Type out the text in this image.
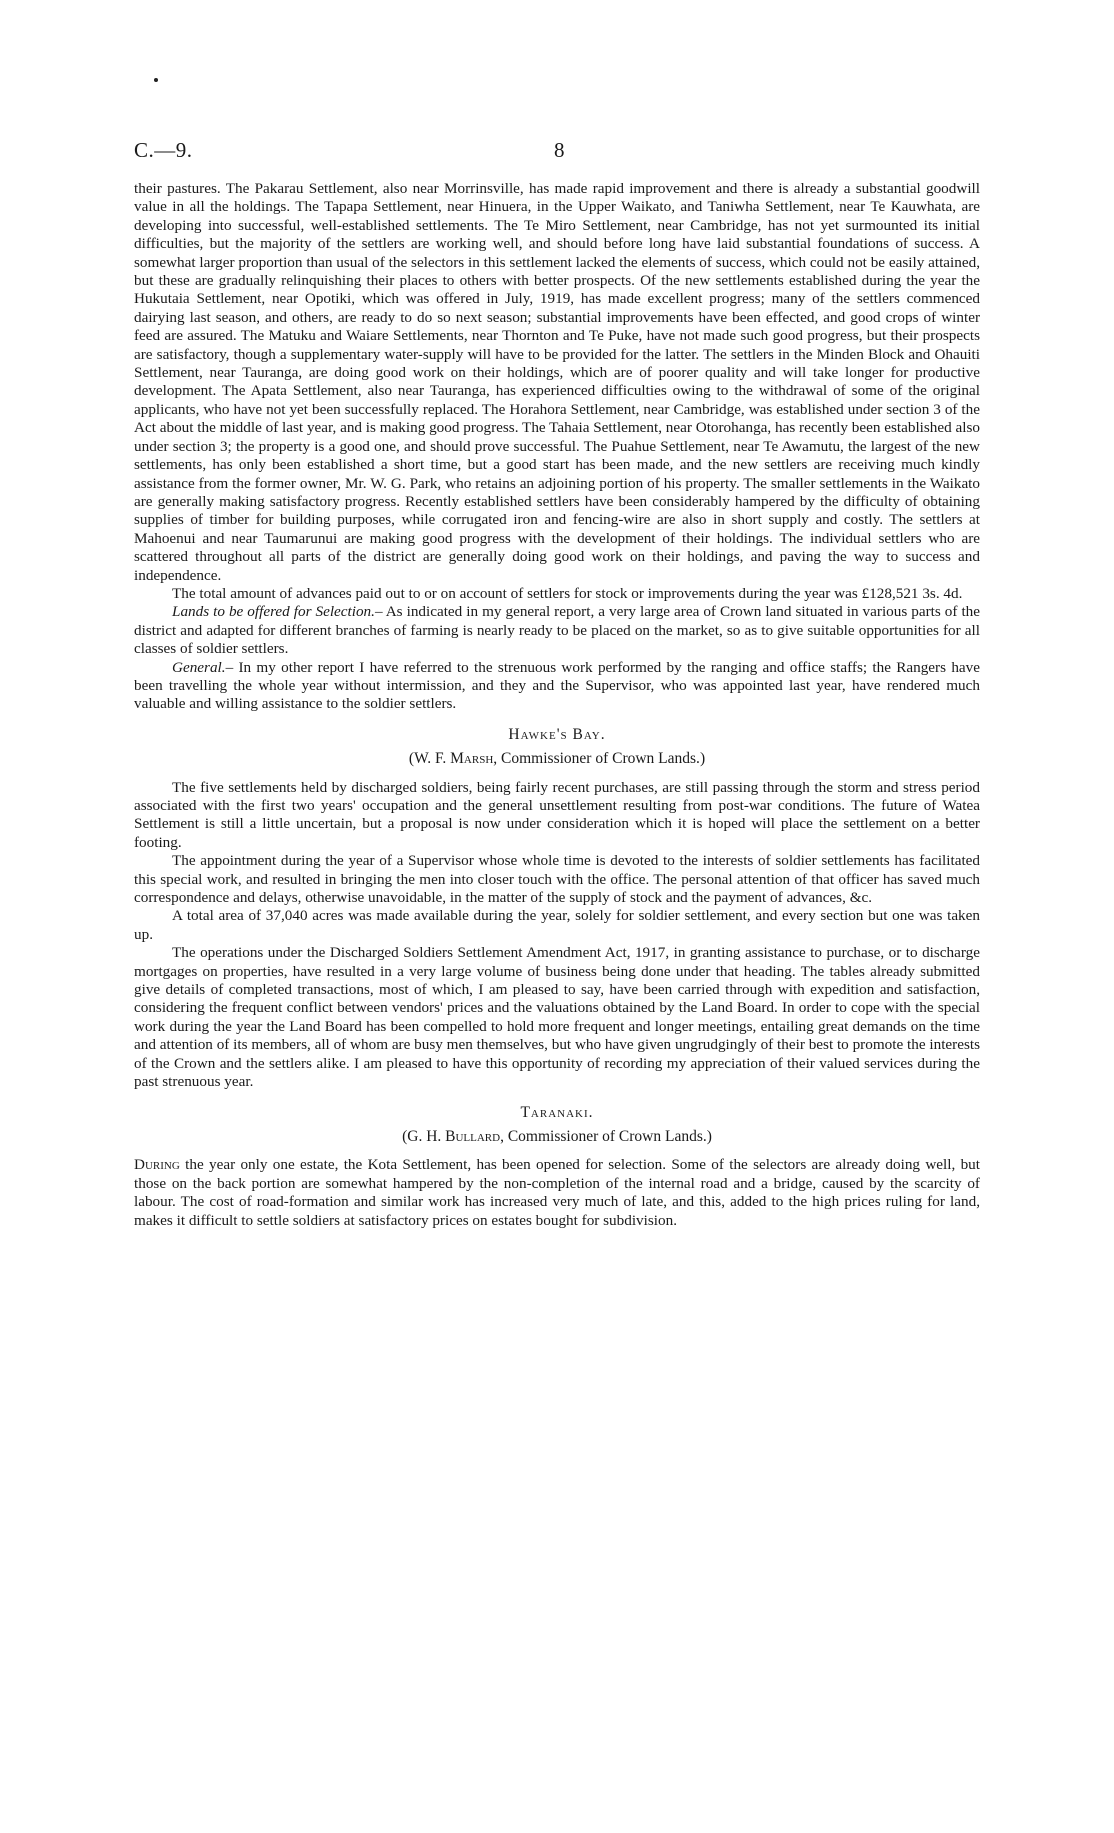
C.—9.	8

their pastures. The Pakarau Settlement, also near Morrinsville, has made rapid improvement and there is already a substantial goodwill value in all the holdings. The Tapapa Settlement, near Hinuera, in the Upper Waikato, and Taniwha Settlement, near Te Kauwhata, are developing into successful, well-established settlements. The Te Miro Settlement, near Cambridge, has not yet surmounted its initial difficulties, but the majority of the settlers are working well, and should before long have laid substantial foundations of success. A somewhat larger proportion than usual of the selectors in this settlement lacked the elements of success, which could not be easily attained, but these are gradually relinquishing their places to others with better prospects. Of the new settlements established during the year the Hukutaia Settlement, near Opotiki, which was offered in July, 1919, has made excellent progress; many of the settlers commenced dairying last season, and others, are ready to do so next season; substantial improvements have been effected, and good crops of winter feed are assured. The Matuku and Waiare Settlements, near Thornton and Te Puke, have not made such good progress, but their prospects are satisfactory, though a supplementary water-supply will have to be provided for the latter. The settlers in the Minden Block and Ohauiti Settlement, near Tauranga, are doing good work on their holdings, which are of poorer quality and will take longer for productive development. The Apata Settlement, also near Tauranga, has experienced difficulties owing to the withdrawal of some of the original applicants, who have not yet been successfully replaced. The Horahora Settlement, near Cambridge, was established under section 3 of the Act about the middle of last year, and is making good progress. The Tahaia Settlement, near Otorohanga, has recently been established also under section 3; the property is a good one, and should prove successful. The Puahue Settlement, near Te Awamutu, the largest of the new settlements, has only been established a short time, but a good start has been made, and the new settlers are receiving much kindly assistance from the former owner, Mr. W. G. Park, who retains an adjoining portion of his property. The smaller settlements in the Waikato are generally making satisfactory progress. Recently established settlers have been considerably hampered by the difficulty of obtaining supplies of timber for building purposes, while corrugated iron and fencing-wire are also in short supply and costly. The settlers at Mahoenui and near Taumarunui are making good progress with the development of their holdings. The individual settlers who are scattered throughout all parts of the district are generally doing good work on their holdings, and paving the way to success and independence.

The total amount of advances paid out to or on account of settlers for stock or improvements during the year was £128,521 3s. 4d.

Lands to be offered for Selection.– As indicated in my general report, a very large area of Crown land situated in various parts of the district and adapted for different branches of farming is nearly ready to be placed on the market, so as to give suitable opportunities for all classes of soldier settlers.

General.– In my other report I have referred to the strenuous work performed by the ranging and office staffs; the Rangers have been travelling the whole year without intermission, and they and the Supervisor, who was appointed last year, have rendered much valuable and willing assistance to the soldier settlers.

Hawke's Bay.
(W. F. Marsh, Commissioner of Crown Lands.)

The five settlements held by discharged soldiers, being fairly recent purchases, are still passing through the storm and stress period associated with the first two years' occupation and the general unsettlement resulting from post-war conditions. The future of Watea Settlement is still a little uncertain, but a proposal is now under consideration which it is hoped will place the settlement on a better footing.

The appointment during the year of a Supervisor whose whole time is devoted to the interests of soldier settlements has facilitated this special work, and resulted in bringing the men into closer touch with the office. The personal attention of that officer has saved much correspondence and delays, otherwise unavoidable, in the matter of the supply of stock and the payment of advances, &c.

A total area of 37,040 acres was made available during the year, solely for soldier settlement, and every section but one was taken up.

The operations under the Discharged Soldiers Settlement Amendment Act, 1917, in granting assistance to purchase, or to discharge mortgages on properties, have resulted in a very large volume of business being done under that heading. The tables already submitted give details of completed transactions, most of which, I am pleased to say, have been carried through with expedition and satisfaction, considering the frequent conflict between vendors' prices and the valuations obtained by the Land Board. In order to cope with the special work during the year the Land Board has been compelled to hold more frequent and longer meetings, entailing great demands on the time and attention of its members, all of whom are busy men themselves, but who have given ungrudgingly of their best to promote the interests of the Crown and the settlers alike. I am pleased to have this opportunity of recording my appreciation of their valued services during the past strenuous year.

Taranaki.
(G. H. Bullard, Commissioner of Crown Lands.)

During the year only one estate, the Kota Settlement, has been opened for selection. Some of the selectors are already doing well, but those on the back portion are somewhat hampered by the non-completion of the internal road and a bridge, caused by the scarcity of labour. The cost of road-formation and similar work has increased very much of late, and this, added to the high prices ruling for land, makes it difficult to settle soldiers at satisfactory prices on estates bought for subdivision.
